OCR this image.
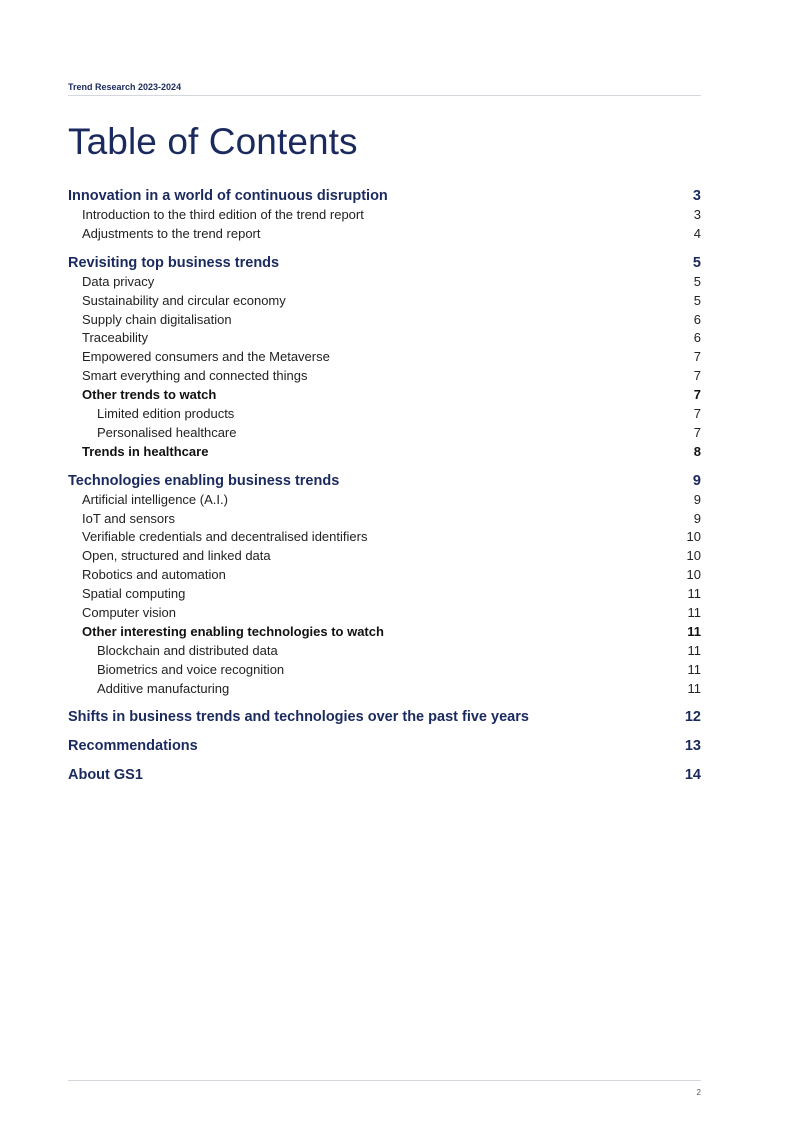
Trend Research 2023-2024
Table of Contents
Innovation in a world of continuous disruption	3
Introduction to the third edition of the trend report	3
Adjustments to the trend report	4
Revisiting top business trends	5
Data privacy	5
Sustainability and circular economy	5
Supply chain digitalisation	6
Traceability	6
Empowered consumers and the Metaverse	7
Smart everything and connected things	7
Other trends to watch	7
Limited edition products	7
Personalised healthcare	7
Trends in healthcare	8
Technologies enabling business trends	9
Artificial intelligence (A.I.)	9
IoT and sensors	9
Verifiable credentials and decentralised identifiers	10
Open, structured and linked data	10
Robotics and automation	10
Spatial computing	11
Computer vision	11
Other interesting enabling technologies to watch	11
Blockchain and distributed data	11
Biometrics and voice recognition	11
Additive manufacturing	11
Shifts in business trends and technologies over the past five years	12
Recommendations	13
About GS1	14
2
